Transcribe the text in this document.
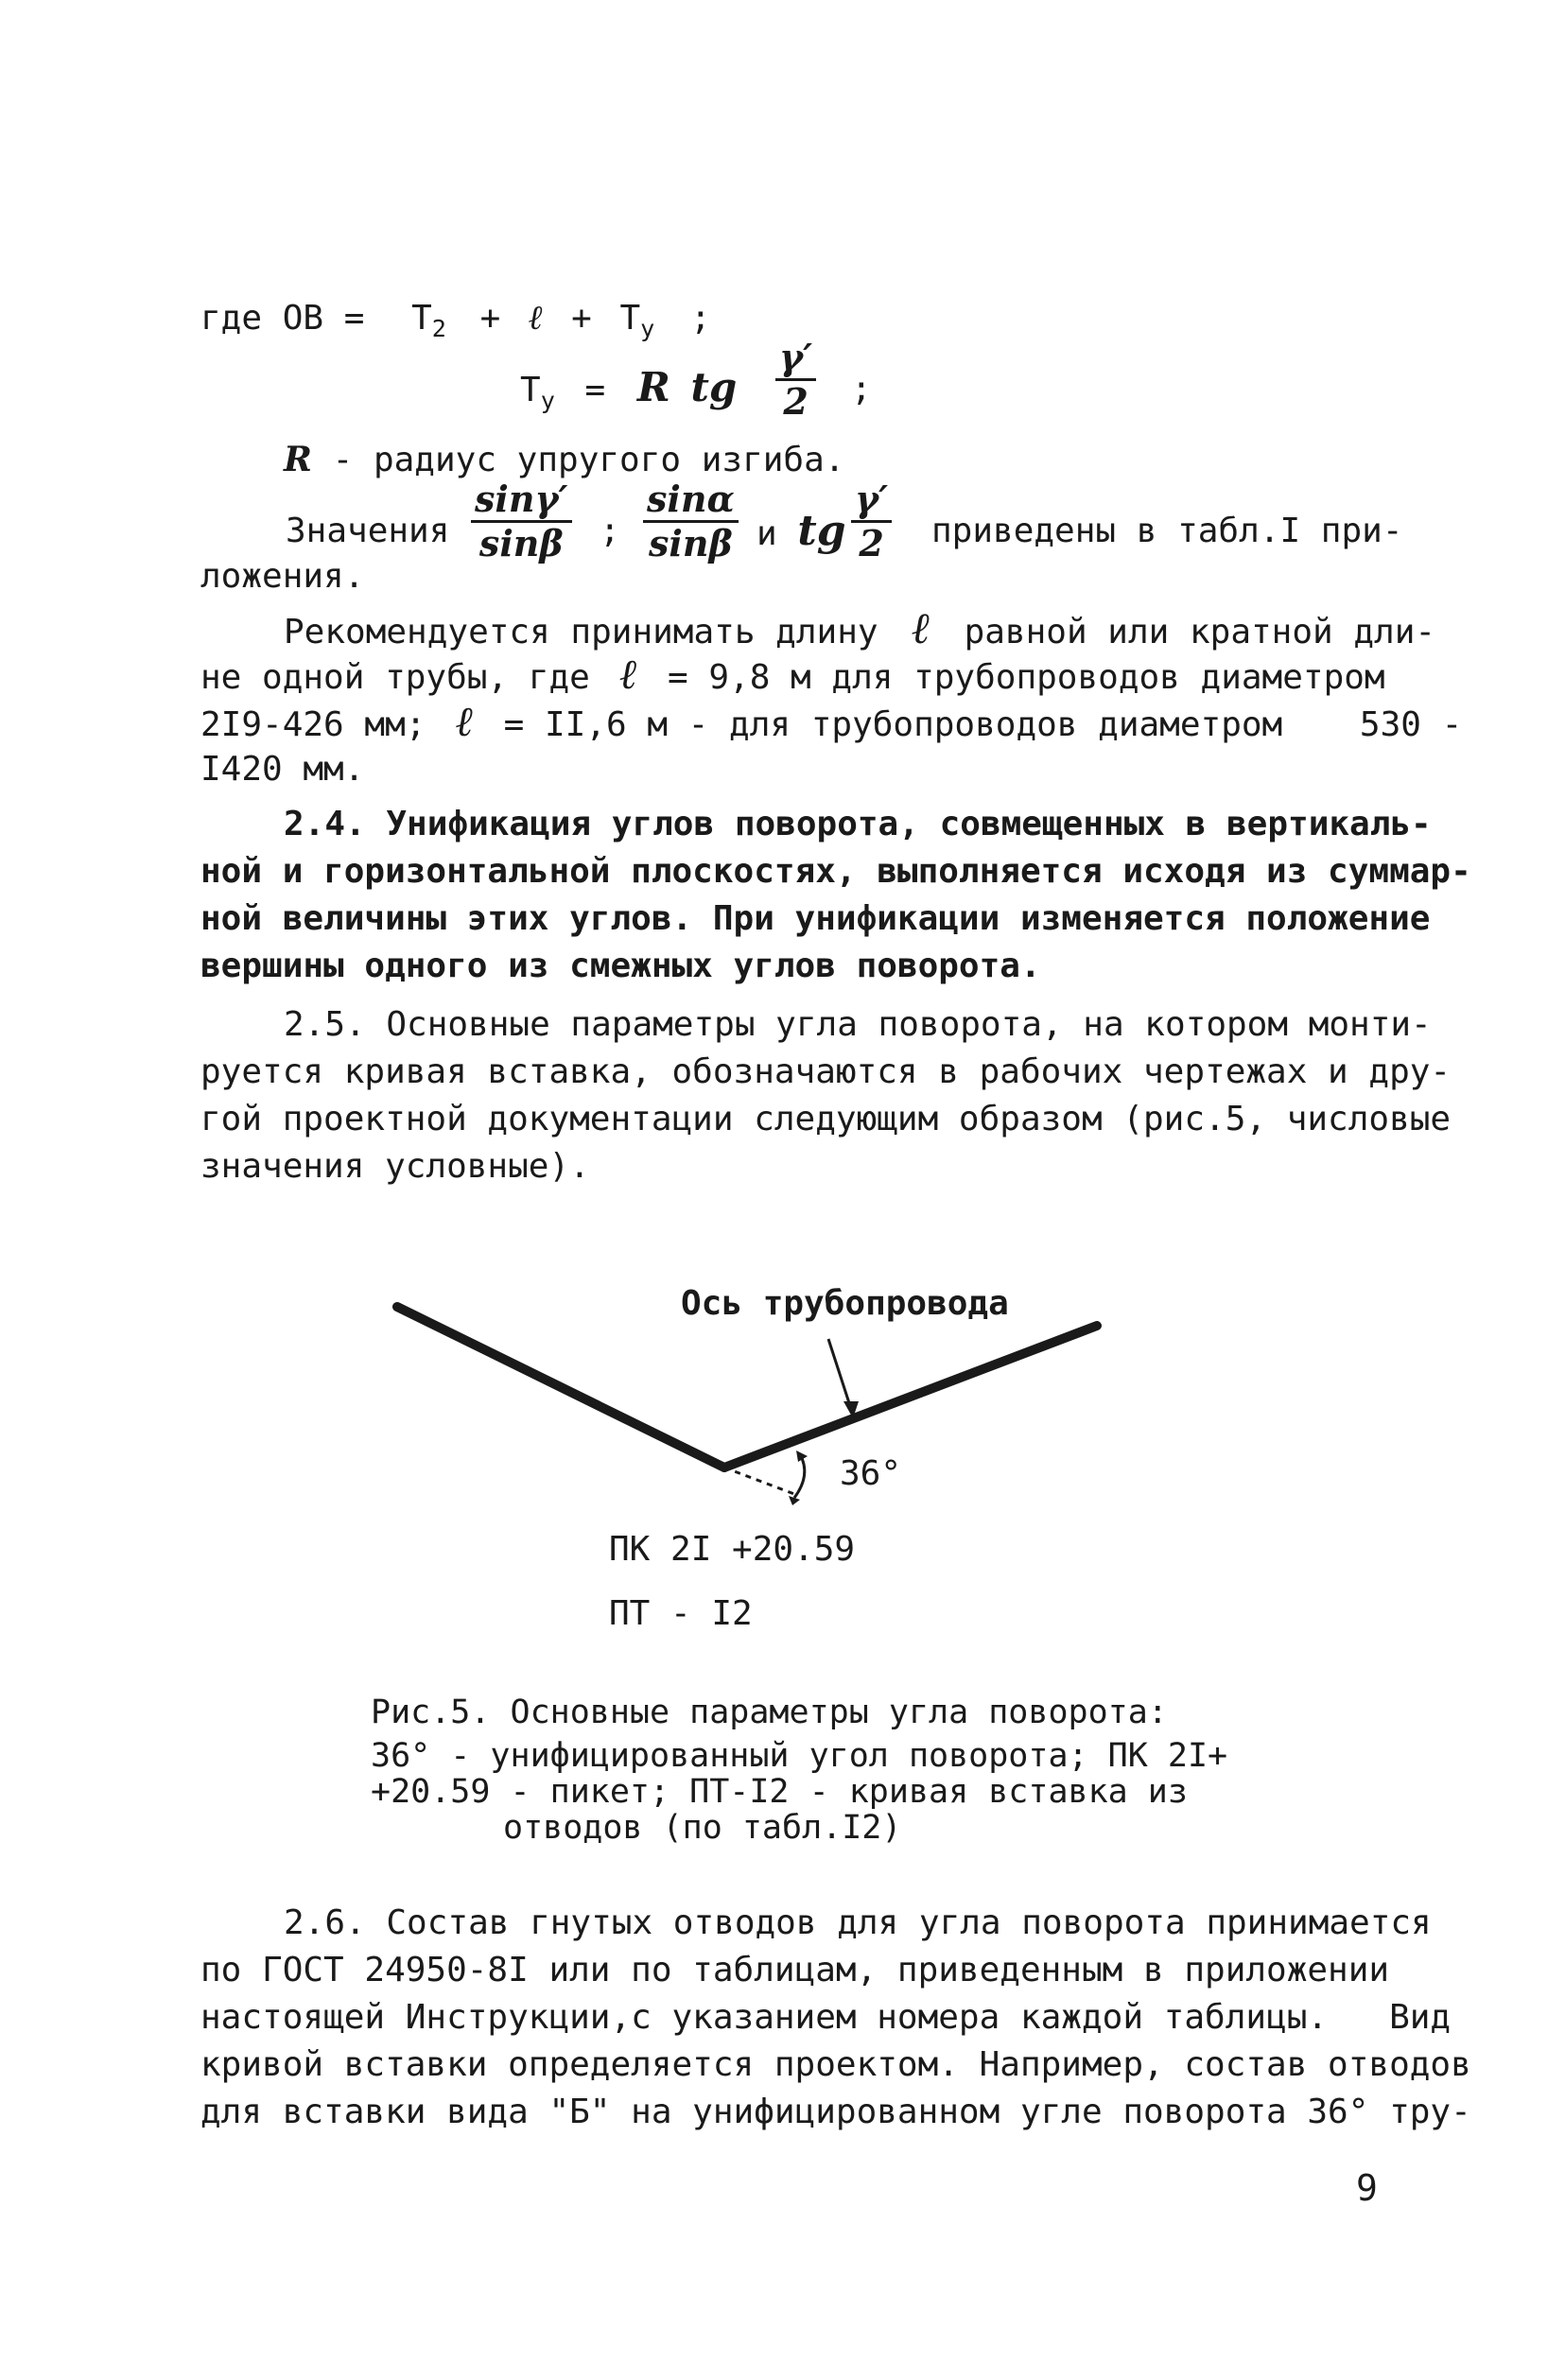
где OB = $T_2$ + ℓ + $T_y$ ;
$T_y = R$ tg $\frac{\gamma'}{2}$ ;
R - радиус упругого изгиба.
Значения $\frac{\sin\gamma'}{\sin\beta}$ ; $\frac{\sin\alpha}{\sin\beta}$ и tg $\frac{\gamma'}{2}$ приведены в табл.I при-
ложения.
Рекомендуется принимать длину ℓ равной или кратной дли-
не одной трубы, где ℓ = 9,8 м для трубопроводов диаметром
2I9-426 мм; ℓ = II,6 м - для трубопроводов диаметром 530 -
I420 мм.
2.4. Унификация углов поворота, совмещенных в вертикаль-
ной и горизонтальной плоскостях, выполняется исходя из суммар-
ной величины этих углов. При унификации изменяется положение
вершины одного из смежных углов поворота.
2.5. Основные параметры угла поворота, на котором монти-
руется кривая вставка, обозначаются в рабочих чертежах и дру-
гой проектной документации следующим образом (рис.5, числовые
значения условные).
Ось трубопровода
36°
ПК 2I +20.59
ПТ - I2
Рис.5. Основные параметры угла поворота:
36° - унифицированный угол поворота; ПК 2I+
+20.59 - пикет; ПТ-I2 - кривая вставка из
отводов (по табл.I2)
2.6. Состав гнутых отводов для угла поворота принимается
по ГОСТ 24950-8I или по таблицам, приведенным в приложении
настоящей Инструкции,с указанием номера каждой таблицы.   Вид
кривой вставки определяется проектом. Например, состав отводов
для вставки вида "Б" на унифицированном угле поворота 36° тру-
9
